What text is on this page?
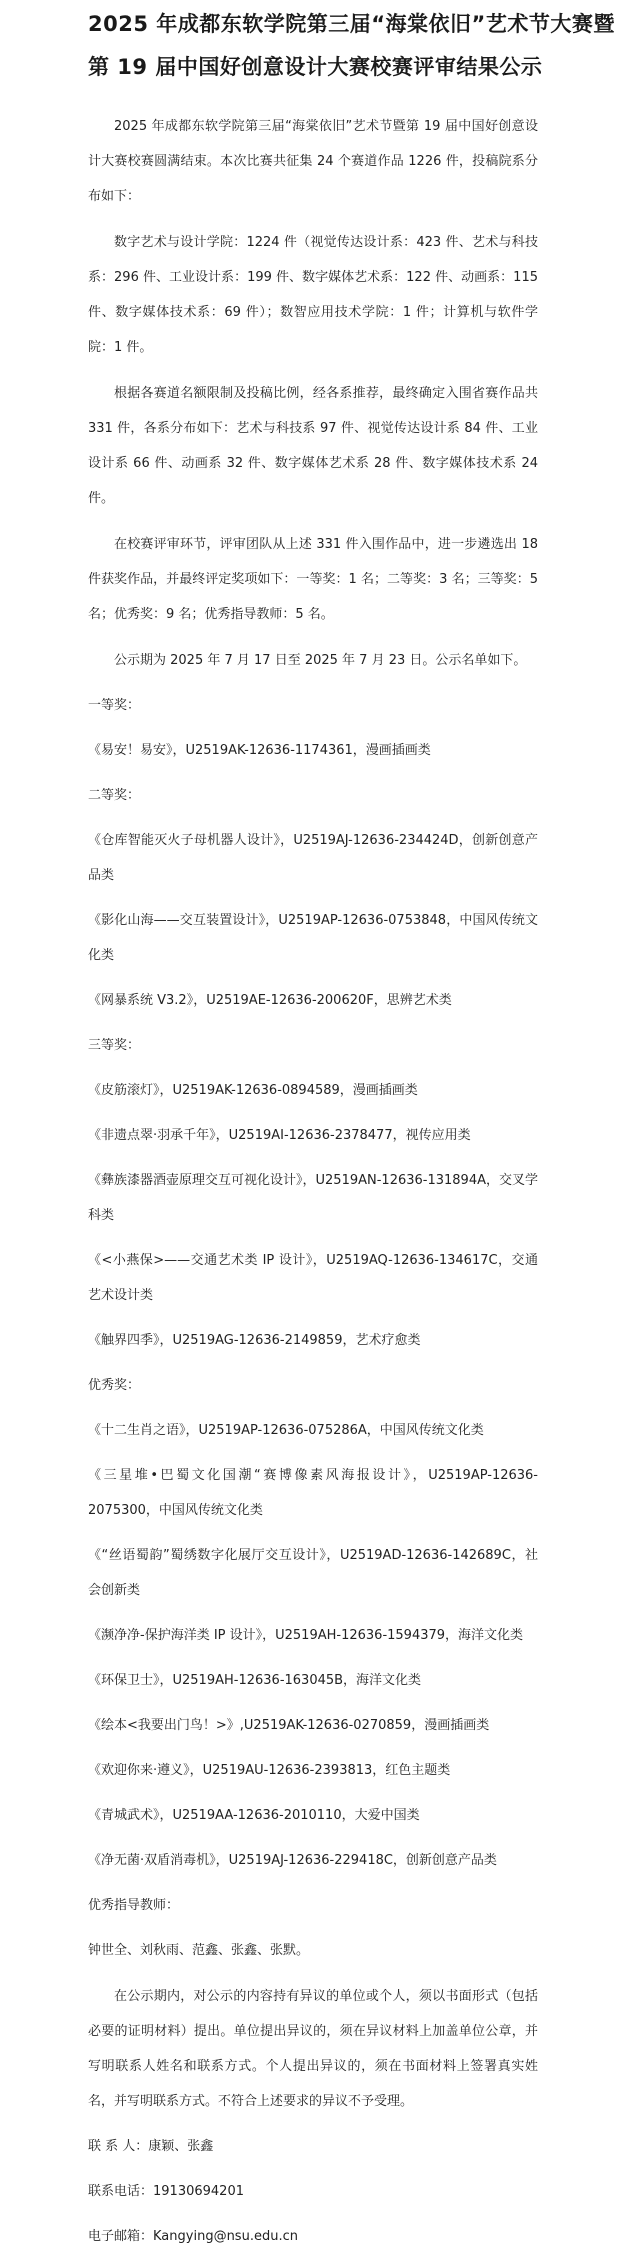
2025 年成都东软学院第三届“海棠依旧”艺术节大赛暨
第 19 届中国好创意设计大赛校赛评审结果公示

2025 年成都东软学院第三届“海棠依旧”艺术节暨第 19 届中国好创意设计大赛校赛圆满结束。本次比赛共征集 24 个赛道作品 1226 件，投稿院系分布如下：

数字艺术与设计学院：1224 件（视觉传达设计系：423 件、艺术与科技系：296 件、工业设计系：199 件、数字媒体艺术系：122 件、动画系：115 件、数字媒体技术系：69 件）；数智应用技术学院：1 件；计算机与软件学院：1 件。

根据各赛道名额限制及投稿比例，经各系推荐，最终确定入围省赛作品共 331 件，各系分布如下：艺术与科技系 97 件、视觉传达设计系 84 件、工业设计系 66 件、动画系 32 件、数字媒体艺术系 28 件、数字媒体技术系 24 件。

在校赛评审环节，评审团队从上述 331 件入围作品中，进一步遴选出 18 件获奖作品，并最终评定奖项如下：一等奖：1 名；二等奖：3 名；三等奖：5 名；优秀奖：9 名；优秀指导教师：5 名。

公示期为 2025 年 7 月 17 日至 2025 年 7 月 23 日。公示名单如下。

一等奖：

《易安！易安》，U2519AK-12636-1174361，漫画插画类

二等奖：

《仓库智能灭火子母机器人设计》，U2519AJ-12636-234424D，创新创意产品类

《影化山海——交互装置设计》，U2519AP-12636-0753848，中国风传统文化类

《网暴系统 V3.2》，U2519AE-12636-200620F，思辨艺术类

三等奖：

《皮筋滚灯》，U2519AK-12636-0894589，漫画插画类

《非遗点翠·羽承千年》，U2519AI-12636-2378477，视传应用类

《彝族漆器酒壶原理交互可视化设计》，U2519AN-12636-131894A，交叉学科类

《<小燕保>——交通艺术类 IP 设计》，U2519AQ-12636-134617C，交通艺术设计类

《触界四季》，U2519AG-12636-2149859，艺术疗愈类

优秀奖：

《十二生肖之语》，U2519AP-12636-075286A，中国风传统文化类

《三星堆•巴蜀文化国潮“赛博像素风海报设计》，U2519AP-12636-2075300，中国风传统文化类

《“丝语蜀韵”蜀绣数字化展厅交互设计》，U2519AD-12636-142689C，社会创新类

《濒净净-保护海洋类 IP 设计》，U2519AH-12636-1594379，海洋文化类

《环保卫士》，U2519AH-12636-163045B，海洋文化类

《绘本<我要出门鸟！>》,U2519AK-12636-0270859，漫画插画类

《欢迎你来·遵义》，U2519AU-12636-2393813，红色主题类

《青城武术》，U2519AA-12636-2010110，大爱中国类

《净无菌·双盾消毒机》，U2519AJ-12636-229418C，创新创意产品类

优秀指导教师：

钟世全、刘秋雨、范鑫、张鑫、张默。

在公示期内，对公示的内容持有异议的单位或个人，须以书面形式（包括必要的证明材料）提出。单位提出异议的，须在异议材料上加盖单位公章，并写明联系人姓名和联系方式。个人提出异议的，须在书面材料上签署真实姓名，并写明联系方式。不符合上述要求的异议不予受理。

联 系 人：康颖、张鑫

联系电话：19130694201

电子邮箱：Kangying@nsu.edu.cn
